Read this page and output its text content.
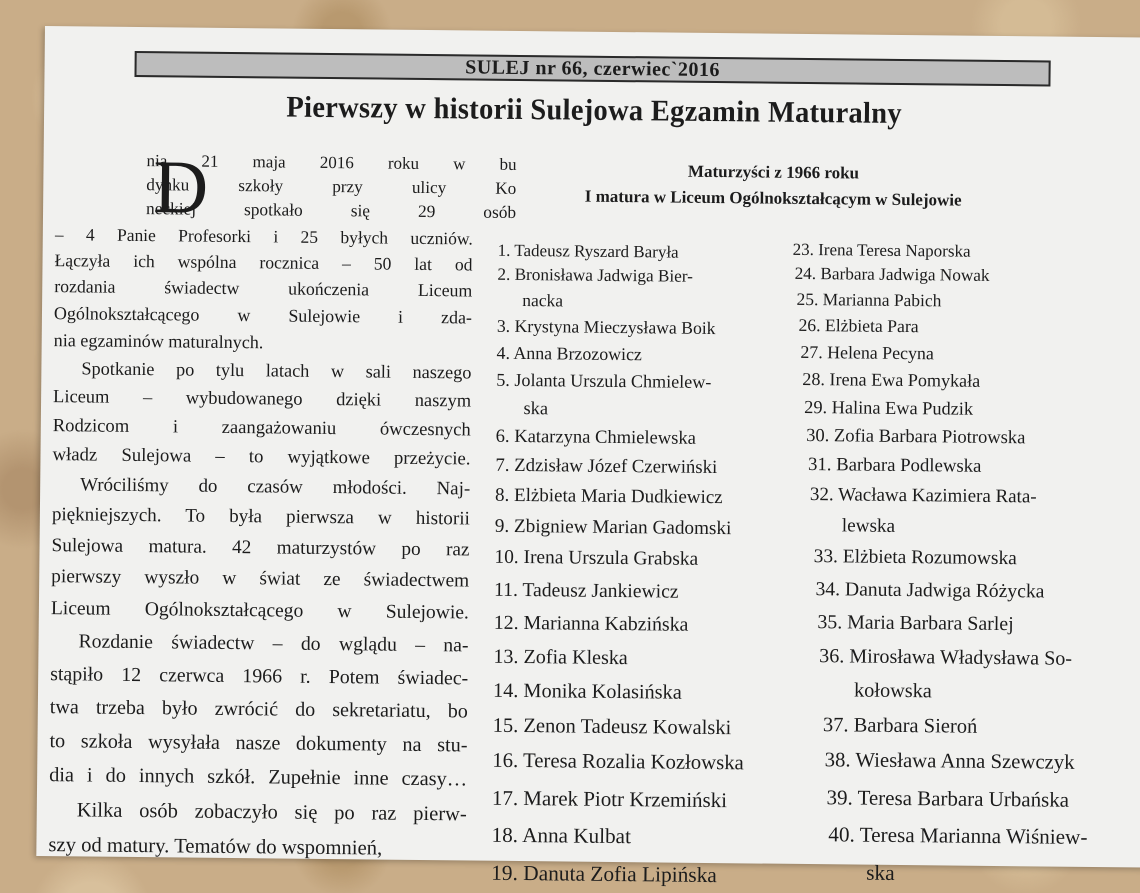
SULEJ nr 66, czerwiec`2016
Pierwszy w historii Sulejowa Egzamin Maturalny
D
nia 21 maja 2016 roku w bu
dynku szkoły przy ulicy Ko
neckiej spotkało się 29 osób
– 4 Panie Profesorki i 25 byłych uczniów.
Łączyła ich wspólna rocznica – 50 lat od
rozdania świadectw ukończenia Liceum
Ogólnokształcącego w Sulejowie i zda-
nia egzaminów maturalnych.
Spotkanie po tylu latach w sali naszego
Liceum – wybudowanego dzięki naszym
Rodzicom i zaangażowaniu ówczesnych
władz Sulejowa – to wyjątkowe przeżycie.
Wróciliśmy do czasów młodości. Naj-
piękniejszych. To była pierwsza w historii
Sulejowa matura. 42 maturzystów po raz
pierwszy wyszło w świat ze świadectwem
Liceum Ogólnokształcącego w Sulejowie.
Rozdanie świadectw – do wglądu – na-
stąpiło 12 czerwca 1966 r. Potem świadec-
twa trzeba było zwrócić do sekretariatu, bo
to szkoła wysyłała nasze dokumenty na stu-
dia i do innych szkół. Zupełnie inne czasy…
Kilka osób zobaczyło się po raz pierw-
szy od matury. Tematów do wspomnień,
Maturzyści z 1966 roku
I matura w Liceum Ogólnokształcącym w Sulejowie
1. Tadeusz Ryszard Baryła
2. Bronisława Jadwiga Bier-
nacka
3. Krystyna Mieczysława Boik
4. Anna Brzozowicz
5. Jolanta Urszula Chmielew-
ska
6. Katarzyna Chmielewska
7. Zdzisław Józef Czerwiński
8. Elżbieta Maria Dudkiewicz
9. Zbigniew Marian Gadomski
10. Irena Urszula Grabska
11. Tadeusz Jankiewicz
12. Marianna Kabzińska
13. Zofia Kleska
14. Monika Kolasińska
15. Zenon Tadeusz Kowalski
16. Teresa Rozalia Kozłowska
17. Marek Piotr Krzemiński
18. Anna Kulbat
19. Danuta Zofia Lipińska
23. Irena Teresa Naporska
24. Barbara Jadwiga Nowak
25. Marianna Pabich
26. Elżbieta Para
27. Helena Pecyna
28. Irena Ewa Pomykała
29. Halina Ewa Pudzik
30. Zofia Barbara Piotrowska
31. Barbara Podlewska
32. Wacława Kazimiera Rata-
lewska
33. Elżbieta Rozumowska
34. Danuta Jadwiga Różycka
35. Maria Barbara Sarlej
36. Mirosława Władysława So-
kołowska
37. Barbara Sieroń
38. Wiesława Anna Szewczyk
39. Teresa Barbara Urbańska
40. Teresa Marianna Wiśniew-
ska
